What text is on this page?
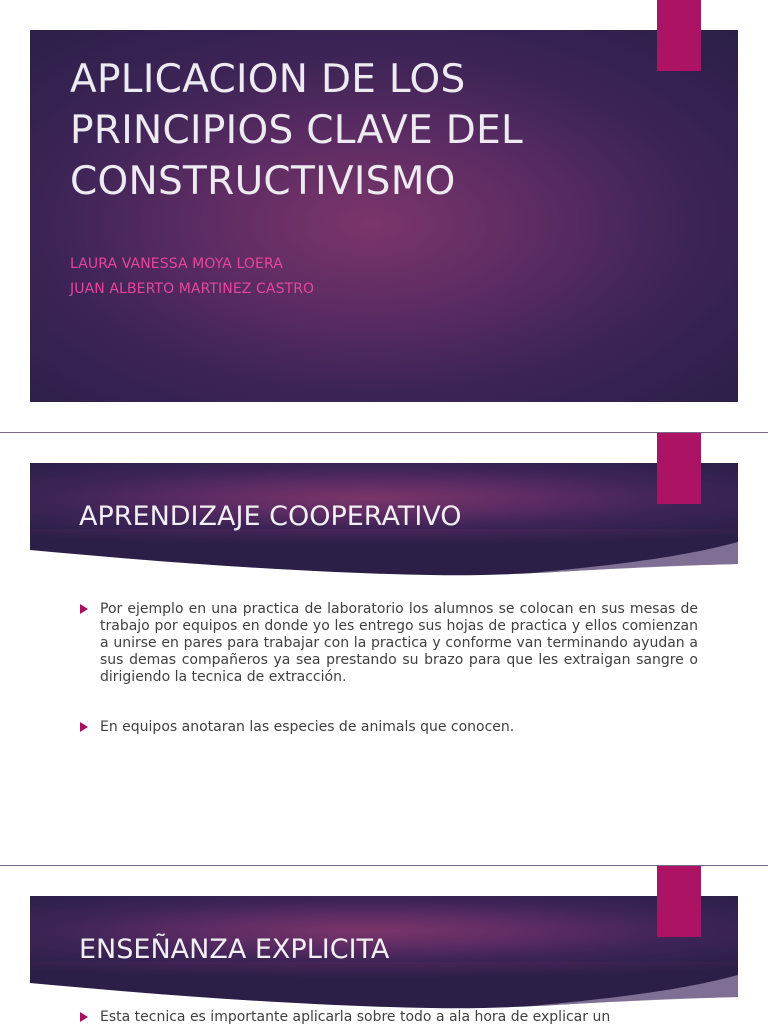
APLICACION DE LOS PRINCIPIOS CLAVE DEL CONSTRUCTIVISMO

LAURA VANESSA MOYA LOERA

JUAN ALBERTO MARTINEZ CASTRO

APRENDIZAJE COOPERATIVO
Por ejemplo en una practica de laboratorio los alumnos se colocan en sus mesas de trabajo por equipos en donde yo les entrego sus hojas de practica y ellos comienzan a unirse en pares para trabajar con la practica y conforme van terminando ayudan a sus demas compañeros ya sea prestando su brazo para que les extraigan sangre o dirigiendo la tecnica de extracción.
En equipos anotaran las especies de animals que conocen.
ENSEÑANZA EXPLICITA
Esta tecnica es importante aplicarla sobre todo a ala hora de explicar un
